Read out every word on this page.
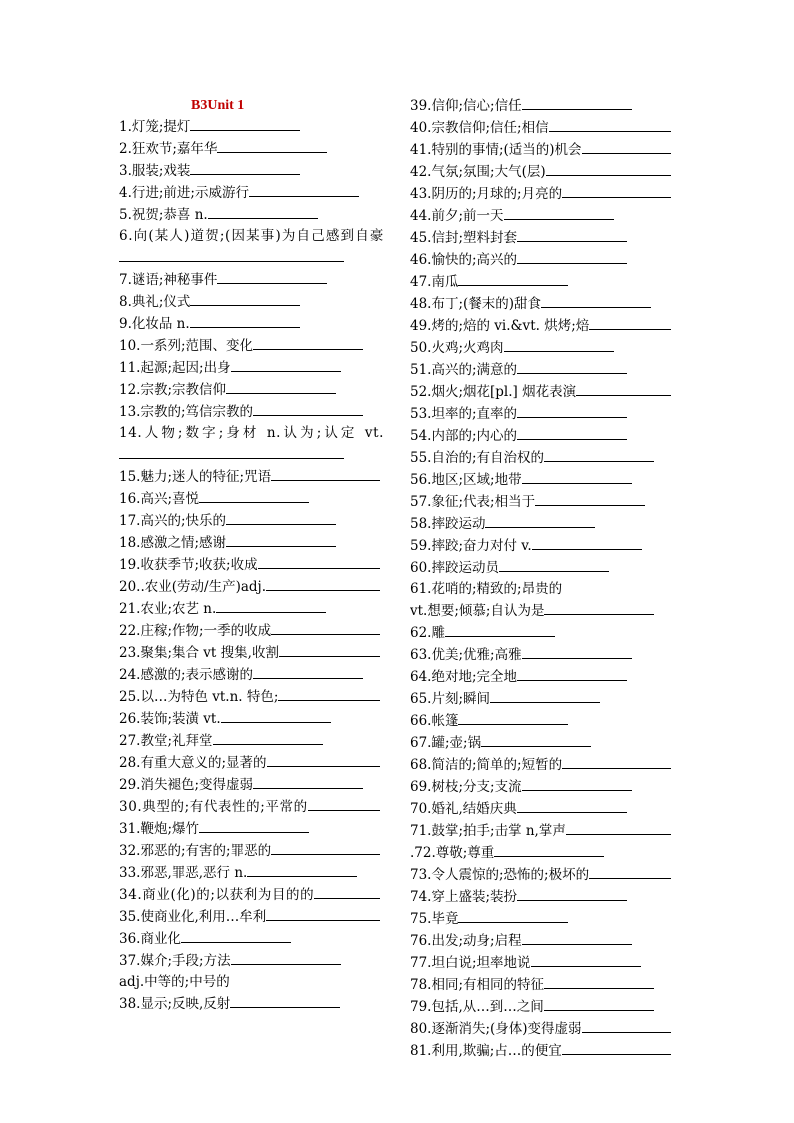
B3Unit 1
1.灯笼;提灯
2.狂欢节;嘉年华
3.服装;戏装
4.行进;前进;示威游行
5.祝贺;恭喜 n.
6.向(某人)道贺;(因某事)为自己感到自豪
7.谜语;神秘事件
8.典礼;仪式
9.化妆品 n.
10.一系列;范围、变化
11.起源;起因;出身
12.宗教;宗教信仰
13.宗教的;笃信宗教的
14.人物;数字;身材 n.认为;认定 vt.
15.魅力;迷人的特征;咒语
16.高兴;喜悦
17.高兴的;快乐的
18.感激之情;感谢
19.收获季节;收获;收成
20..农业(劳动/生产)adj.
21.农业;农艺 n.
22.庄稼;作物;一季的收成
23.聚集;集合 vt 搜集,收割
24.感激的;表示感谢的
25.以…为特色 vt.n. 特色;
26.装饰;装潢 vt.
27.教堂;礼拜堂
28.有重大意义的;显著的
29.消失褪色;变得虚弱
30.典型的;有代表性的;平常的
31.鞭炮;爆竹
32.邪恶的;有害的;罪恶的
33.邪恶,罪恶,恶行 n.
34.商业(化)的;以获利为目的的
35.使商业化,利用…牟利
36.商业化
37.媒介;手段;方法
adj.中等的;中号的
38.显示;反映,反射
39.信仰;信心;信任
40.宗教信仰;信任;相信
41.特别的事情;(适当的)机会
42.气氛;氛围;大气(层)
43.阴历的;月球的;月亮的
44.前夕;前一天
45.信封;塑料封套
46.愉快的;高兴的
47.南瓜
48.布丁;(餐末的)甜食
49.烤的;焙的 vi.&vt. 烘烤;焙
50.火鸡;火鸡肉
51.高兴的;满意的
52.烟火;烟花[pl.] 烟花表演
53.坦率的;直率的
54.内部的;内心的
55.自治的;有自治权的
56.地区;区域;地带
57.象征;代表;相当于
58.摔跤运动
59.摔跤;奋力对付 v.
60.摔跤运动员
61.花哨的;精致的;昂贵的
vt.想要;倾慕;自认为是
62.雕
63.优美;优雅;高雅
64.绝对地;完全地
65.片刻;瞬间
66.帐篷
67.罐;壶;锅
68.简洁的;简单的;短暂的
69.树枝;分支;支流
70.婚礼,结婚庆典
71.鼓掌;拍手;击掌 n,掌声
.72.尊敬;尊重
73.令人震惊的;恐怖的;极坏的
74.穿上盛装;装扮
75.毕竟
76.出发;动身;启程
77.坦白说;坦率地说
78.相同;有相同的特征
79.包括,从…到…之间
80.逐渐消失;(身体)变得虚弱
81.利用,欺骗;占…的便宜
